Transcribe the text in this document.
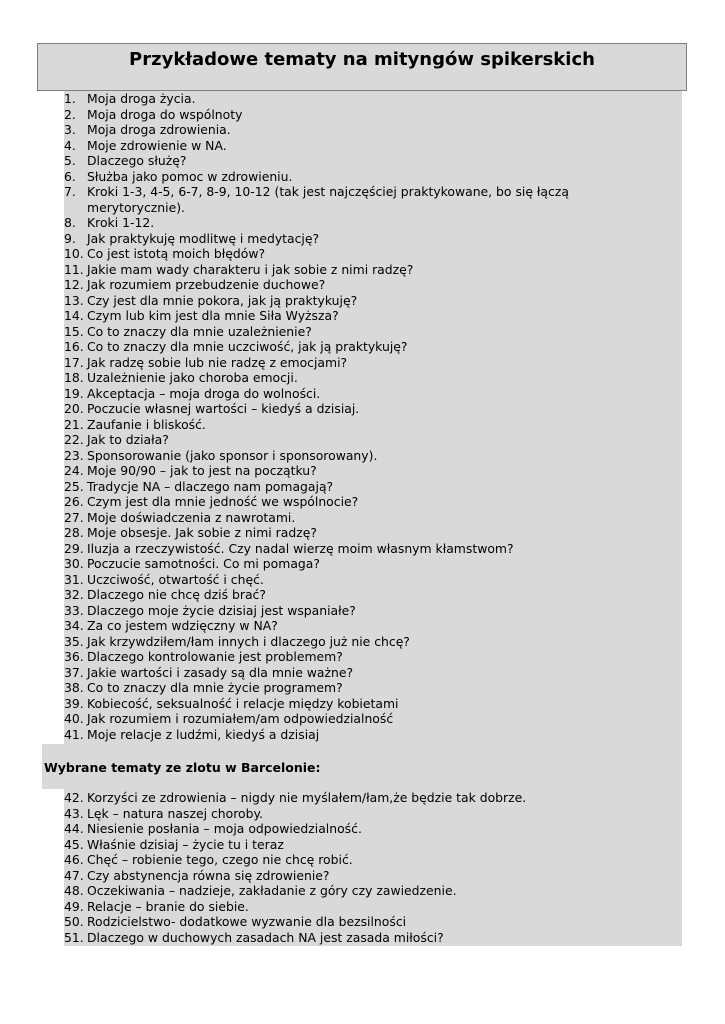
Przykładowe tematy na mityngów spikerskich
1. Moja droga życia.
2. Moja droga do wspólnoty
3. Moja droga zdrowienia.
4. Moje zdrowienie w NA.
5. Dlaczego służę?
6. Służba jako pomoc w zdrowieniu.
7. Kroki 1-3, 4-5, 6-7, 8-9, 10-12 (tak jest najczęściej praktykowane, bo się łączą merytorycznie).
8. Kroki 1-12.
9. Jak praktykuję modlitwę i medytację?
10. Co jest istotą moich błędów?
11. Jakie mam wady charakteru i jak sobie z nimi radzę?
12. Jak rozumiem przebudzenie duchowe?
13. Czy jest dla mnie pokora, jak ją praktykuję?
14. Czym lub kim jest dla mnie Siła Wyższa?
15. Co to znaczy dla mnie uzależnienie?
16. Co to znaczy dla mnie uczciwość, jak ją praktykuję?
17. Jak radzę sobie lub nie radzę z emocjami?
18. Uzależnienie jako choroba emocji.
19. Akceptacja – moja droga do wolności.
20. Poczucie własnej wartości – kiedyś a dzisiaj.
21. Zaufanie i bliskość.
22. Jak to działa?
23. Sponsorowanie (jako sponsor i sponsorowany).
24. Moje 90/90 – jak to jest na początku?
25. Tradycje NA – dlaczego nam pomagają?
26. Czym jest dla mnie jedność we wspólnocie?
27. Moje doświadczenia z nawrotami.
28. Moje obsesje. Jak sobie z nimi radzę?
29. Iluzja a rzeczywistość. Czy nadal wierzę moim własnym kłamstwom?
30. Poczucie samotności. Co mi pomaga?
31. Uczciwość, otwartość i chęć.
32. Dlaczego nie chcę dziś brać?
33. Dlaczego moje życie dzisiaj jest wspaniałe?
34. Za co jestem wdzięczny w NA?
35. Jak krzywdziłem/łam innych i dlaczego już nie chcę?
36. Dlaczego kontrolowanie jest problemem?
37. Jakie wartości i zasady są dla mnie ważne?
38. Co to znaczy dla mnie życie programem?
39. Kobiecość, seksualność i relacje między kobietami
40. Jak rozumiem i rozumiałem/am odpowiedzialność
41. Moje relacje z ludźmi, kiedyś a dzisiaj
Wybrane tematy ze zlotu w Barcelonie:
42. Korzyści ze zdrowienia – nigdy nie myślałem/łam,że będzie tak dobrze.
43. Lęk – natura naszej choroby.
44. Niesienie posłania – moja odpowiedzialność.
45. Właśnie dzisiaj – życie tu i teraz
46. Chęć – robienie tego, czego nie chcę robić.
47. Czy abstynencja równa się zdrowienie?
48. Oczekiwania – nadzieje, zakładanie z góry czy zawiedzenie.
49. Relacje – branie do siebie.
50. Rodzicielstwo- dodatkowe wyzwanie dla bezsilności
51. Dlaczego w duchowych zasadach NA jest zasada miłości?
